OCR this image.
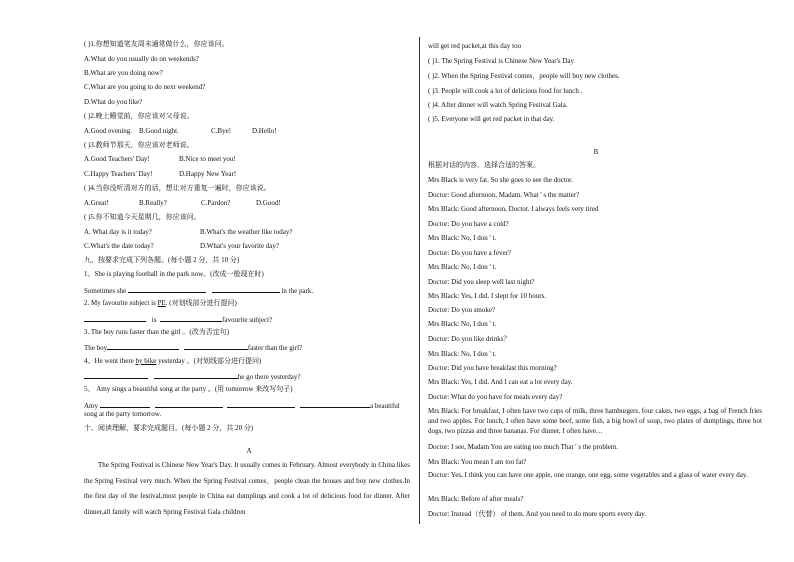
( )1.你想知道笔友周末通常做什么，你应该问。
A.What do you usually do on weekends?
B.What are you doing now?
C.What are you going to do next weekend?
D.What do you like?
( )2.晚上睡觉前，你应该对父母说。
A.Good evening. B.Good night.	C.Bye!	D.Hello!
( )3.教师节那天，你应该对老师说。
A.Good Teachers' Day!	B.Nice to meet you!
C.Happy Teachers' Day!	D.Happy New Year!
( )4.当你没听清对方的话，想让对方重复一遍时，你应该说。
A.Great!	B.Really?	C.Pardon?	D.Good!
( )5.你不知道今天星期几，你应该问。
A. What day is it today?	B.What's the weather like today?
C.What's the date today?	D.What's your favorite day?
九、按要求完成下列各题。(每小题 2 分，共 10 分)
1、She is playing football in the park now。(改成一般现在时)
Sometimes she	in the park.
2. My favourite subject is PE. (对划线部分进行提问)
is	favourite subject?
3. The boy runs faster than the girl 。(改为否定句)
The boy	faster than the girl?
4、He went there by bike yesterday 。(对划线部分进行提问)
he go there yesterday?
5、 Amy sings a beautiful song at the party 。(用 tomorrow 来改写句子)
Amy	a beautiful
song at the party tomorrow.
十、阅读理解，要求完成题目。(每小题 2 分，共 20 分)
A
The Spring Festival is Chinese New Year's Day. It usually comes in February. Almost everybody in China likes the Spring Festival very much. When the Spring Festival comes，people clean the houses and buy new clothes.In the first day of the festival,most people in China eat dumplings and cook a lot of delicious food for dinner. After dinner,all family will watch Spring Festival Gala children
will get red packet,at this day too
( )1. The Spring Festival is Chinese New Year's Day
( )2. When the Spring Festival comes，people will buy new clothes.
( )3. People will cook a lot of delicious food for lunch .
( )4. After dinner will watch Spring Festival Gala.
( )5. Everyone will get red packet in that day.
B
根据对话的内容，选择合适的答案。
Mrs Black is very fat. So she goes to see the doctor.
Doctor: Good afternoon, Madam. What ' s the matter?
Mrs Black: Good afternoon, Doctor. I always feels very tired
Doctor: Do you have a cold?
Mrs Black: No, I don ' t.
Doctor: Do you have a fever?
Mrs Black: No, I don ' t.
Doctor: Did you sleep well last night?
Mrs Black: Yes, I did. I slept for 10 hours.
Doctor: Do you smoke?
Mrs Black: No, I don ' t.
Doctor: Do you like drinks？
Mrs Black: No, I don ' t.
Doctor: Did you have breakfast this morning?
Mrs Black: Yes, I did. And I can eat a lot every day.
Doctor: What do you have for meals every day?
Mrs Black: For breakfast, I often have two cups of milk, three hamburgers, four cakes, two eggs, a bag of French fries and two apples. For lunch, I often have some beef, some fish, a big bowl of soup, two plates of dumplings, three hot dogs, two pizzas and three bananas. For dinner, I often have…
Doctor: I see, Madam You are eating too much That ' s the problem.
Mrs Black: You mean I am too fat?
Doctor: Yes, I think you can have one apple, one orange, one egg, some vegetables and a glass of water every day.
Mrs Black: Before of after meals?
Doctor: Instead（代替） of them. And you need to do more sports every day.
